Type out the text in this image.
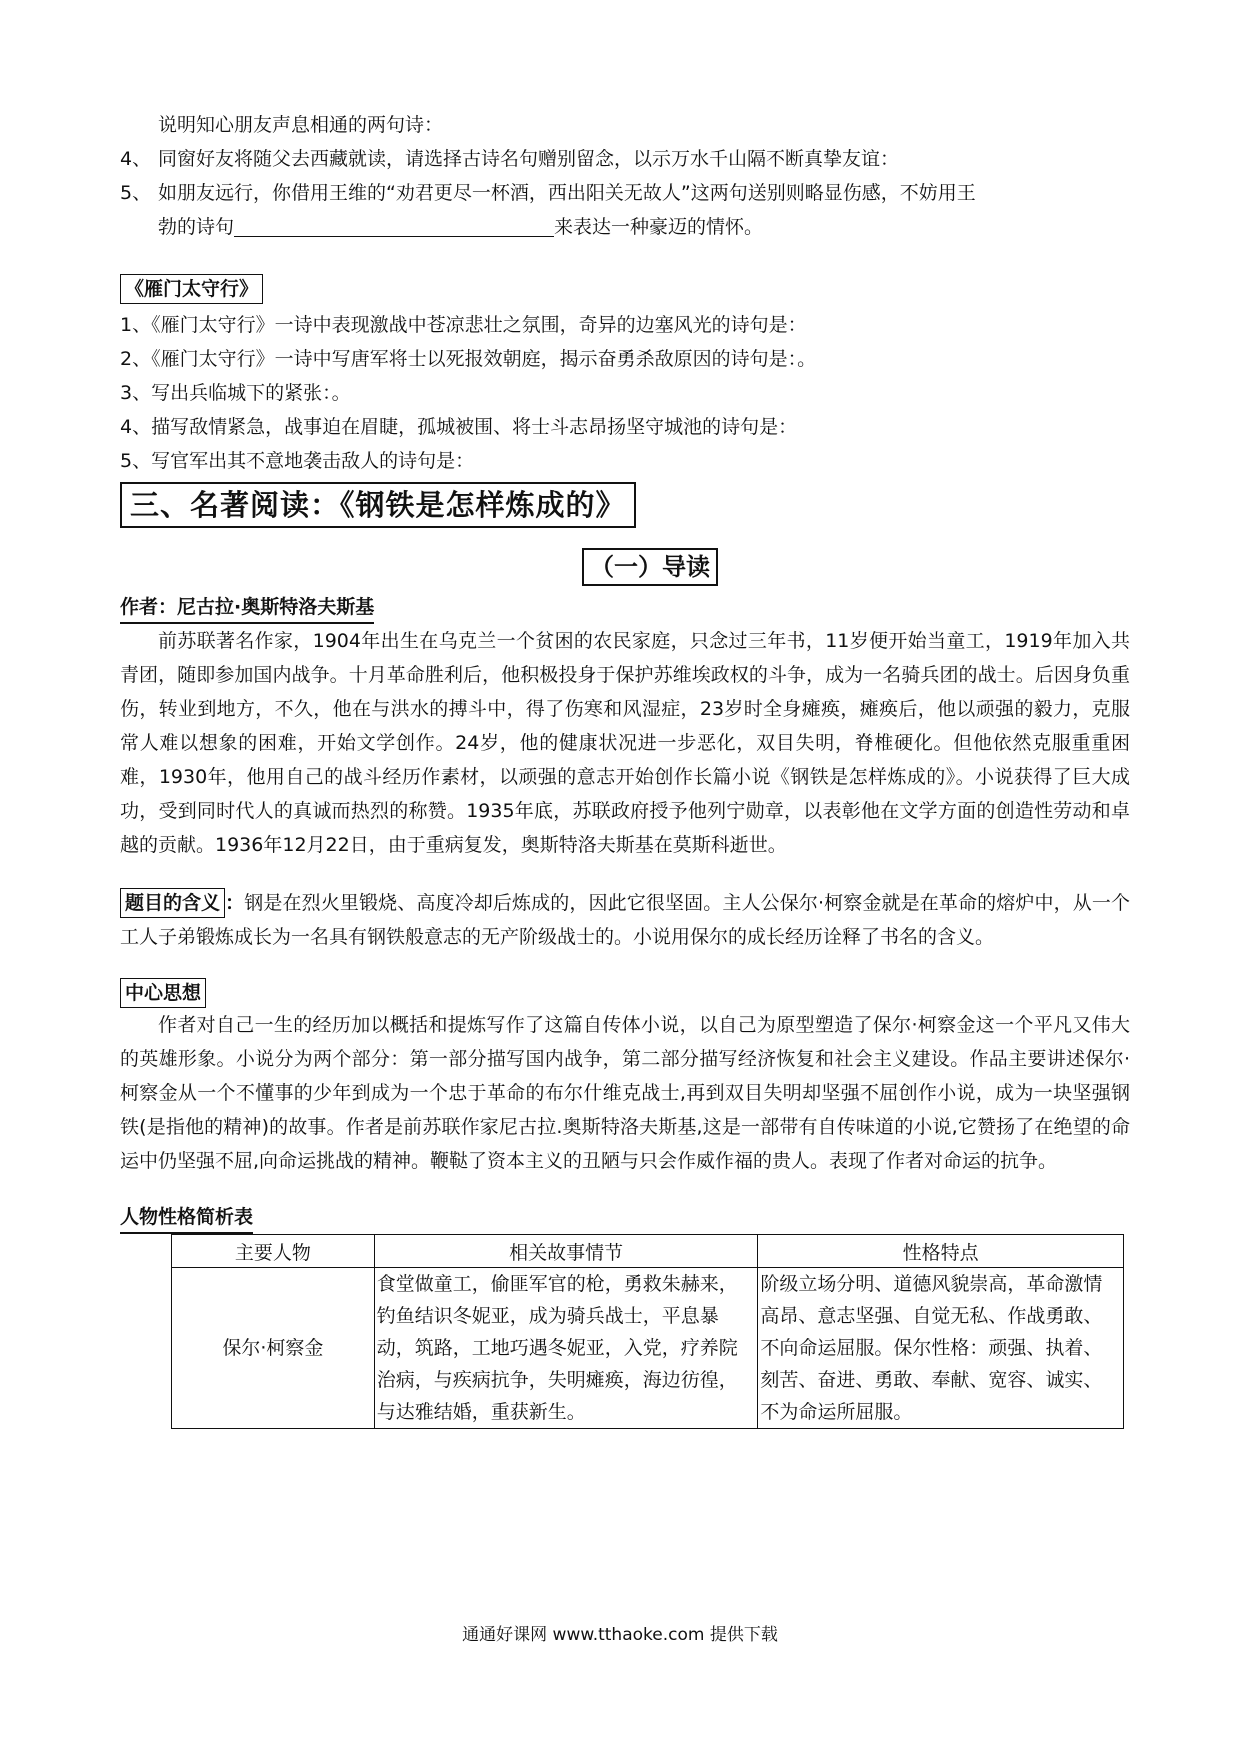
说明知心朋友声息相通的两句诗：
4、 同窗好友将随父去西藏就读，请选择古诗名句赠别留念，以示万水千山隔不断真挚友谊：
5、 如朋友远行，你借用王维的“劝君更尽一杯酒，西出阳关无故人”这两句送别则略显伤感，不妨用王
勃的诗句	来表达一种豪迈的情怀。
《雁门太守行》
1、《雁门太守行》一诗中表现激战中苍凉悲壮之氛围，奇异的边塞风光的诗句是：
2、《雁门太守行》一诗中写唐军将士以死报效朝庭，揭示奋勇杀敌原因的诗句是：。
3、写出兵临城下的紧张：。
4、描写敌情紧急，战事迫在眉睫，孤城被围、将士斗志昂扬坚守城池的诗句是：
5、写官军出其不意地袭击敌人的诗句是：
三、名著阅读：《钢铁是怎样炼成的》
（一）导读
作者：尼古拉·奥斯特洛夫斯基

前苏联著名作家，1904年出生在乌克兰一个贫困的农民家庭，只念过三年书，11岁便开始当童工，1919年加入共青团，随即参加国内战争。十月革命胜利后，他积极投身于保护苏维埃政权的斗争，成为一名骑兵团的战士。后因身负重伤，转业到地方，不久，他在与洪水的搏斗中，得了伤寒和风湿症，23岁时全身瘫痪，瘫痪后，他以顽强的毅力，克服常人难以想象的困难，开始文学创作。24岁，他的健康状况进一步恶化，双目失明，脊椎硬化。但他依然克服重重困难，1930年，他用自己的战斗经历作素材，以顽强的意志开始创作长篇小说《钢铁是怎样炼成的》。小说获得了巨大成功，受到同时代人的真诚而热烈的称赞。1935年底，苏联政府授予他列宁勋章，以表彰他在文学方面的创造性劳动和卓越的贡献。1936年12月22日，由于重病复发，奥斯特洛夫斯基在莫斯科逝世。

题目的含义 ：钢是在烈火里锻烧、高度冷却后炼成的，因此它很坚固。主人公保尔·柯察金就是在革命的熔炉中，从一个工人子弟锻炼成长为一名具有钢铁般意志的无产阶级战士的。小说用保尔的成长经历诠释了书名的含义。

中心思想

作者对自己一生的经历加以概括和提炼写作了这篇自传体小说，以自己为原型塑造了保尔·柯察金这一个平凡又伟大的英雄形象。小说分为两个部分：第一部分描写国内战争，第二部分描写经济恢复和社会主义建设。作品主要讲述保尔·柯察金从一个不懂事的少年到成为一个忠于革命的布尔什维克战士,再到双目失明却坚强不屈创作小说，成为一块坚强钢铁(是指他的精神)的故事。作者是前苏联作家尼古拉.奥斯特洛夫斯基,这是一部带有自传味道的小说,它赞扬了在绝望的命运中仍坚强不屈,向命运挑战的精神。鞭鞑了资本主义的丑陋与只会作威作福的贵人。表现了作者对命运的抗争。

人物性格简析表
主要人物	相关故事情节	性格特点
保尔·柯察金	食堂做童工，偷匪军官的枪，勇救朱赫来，钓鱼结识冬妮亚，成为骑兵战士，平息暴动，筑路，工地巧遇冬妮亚，入党，疗养院治病，与疾病抗争，失明瘫痪，海边彷徨，与达雅结婚，重获新生。	阶级立场分明、道德风貌崇高，革命激情高昂、意志坚强、自觉无私、作战勇敢、不向命运屈服。保尔性格：顽强、执着、刻苦、奋进、勇敢、奉献、宽容、诚实、不为命运所屈服。
通通好课网 www.tthaoke.com 提供下载
